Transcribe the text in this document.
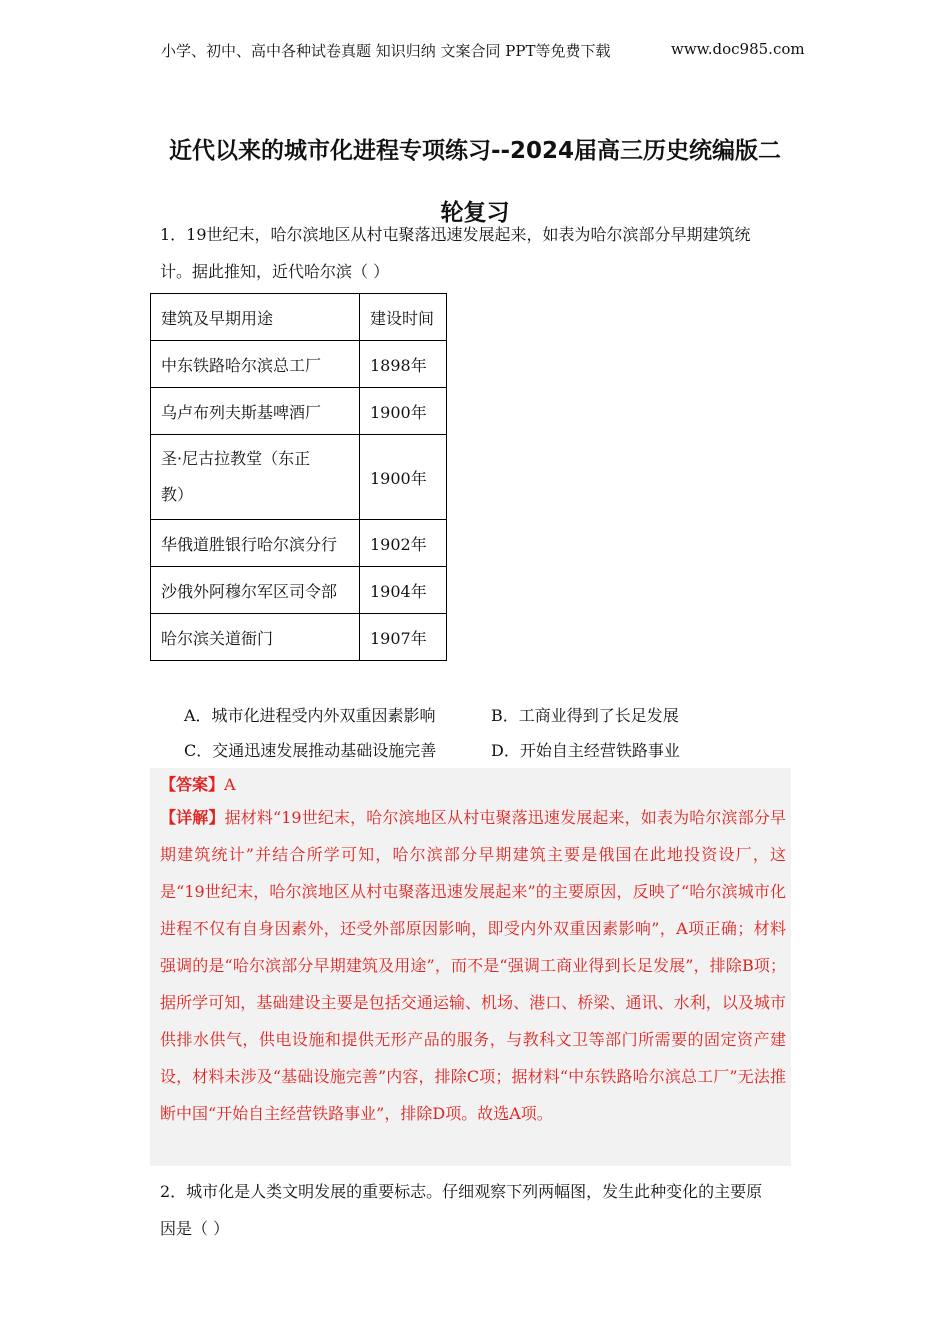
小学、初中、高中各种试卷真题 知识归纳 文案合同 PPT等免费下载	www.doc985.com
近代以来的城市化进程专项练习--2024届高三历史统编版二
轮复习
1．19世纪末，哈尔滨地区从村屯聚落迅速发展起来，如表为哈尔滨部分早期建筑统
计。据此推知，近代哈尔滨（ ）
建筑及早期用途	建设时间
中东铁路哈尔滨总工厂	1898年
乌卢布列夫斯基啤酒厂	1900年

圣·尼古拉教堂（东正
教）	1900年
华俄道胜银行哈尔滨分行	1902年
沙俄外阿穆尔军区司令部	1904年
哈尔滨关道衙门	1907年
A．城市化进程受内外双重因素影响	B．工商业得到了长足发展
C．交通迅速发展推动基础设施完善	D．开始自主经营铁路事业
【答案】A
【详解】据材料“19世纪末，哈尔滨地区从村屯聚落迅速发展起来，如表为哈尔滨部分早期建筑统计”并结合所学可知，哈尔滨部分早期建筑主要是俄国在此地投资设厂，这是“19世纪末，哈尔滨地区从村屯聚落迅速发展起来”的主要原因，反映了“哈尔滨城市化进程不仅有自身因素外，还受外部原因影响，即受内外双重因素影响”，A项正确；材料强调的是“哈尔滨部分早期建筑及用途”，而不是“强调工商业得到长足发展”，排除B项；据所学可知，基础建设主要是包括交通运输、机场、港口、桥梁、通讯、水利，以及城市供排水供气，供电设施和提供无形产品的服务，与教科文卫等部门所需要的固定资产建设，材料未涉及“基础设施完善”内容，排除C项；据材料“中东铁路哈尔滨总工厂”无法推断中国“开始自主经营铁路事业”，排除D项。故选A项。
2．城市化是人类文明发展的重要标志。仔细观察下列两幅图，发生此种变化的主要原
因是（ ）
